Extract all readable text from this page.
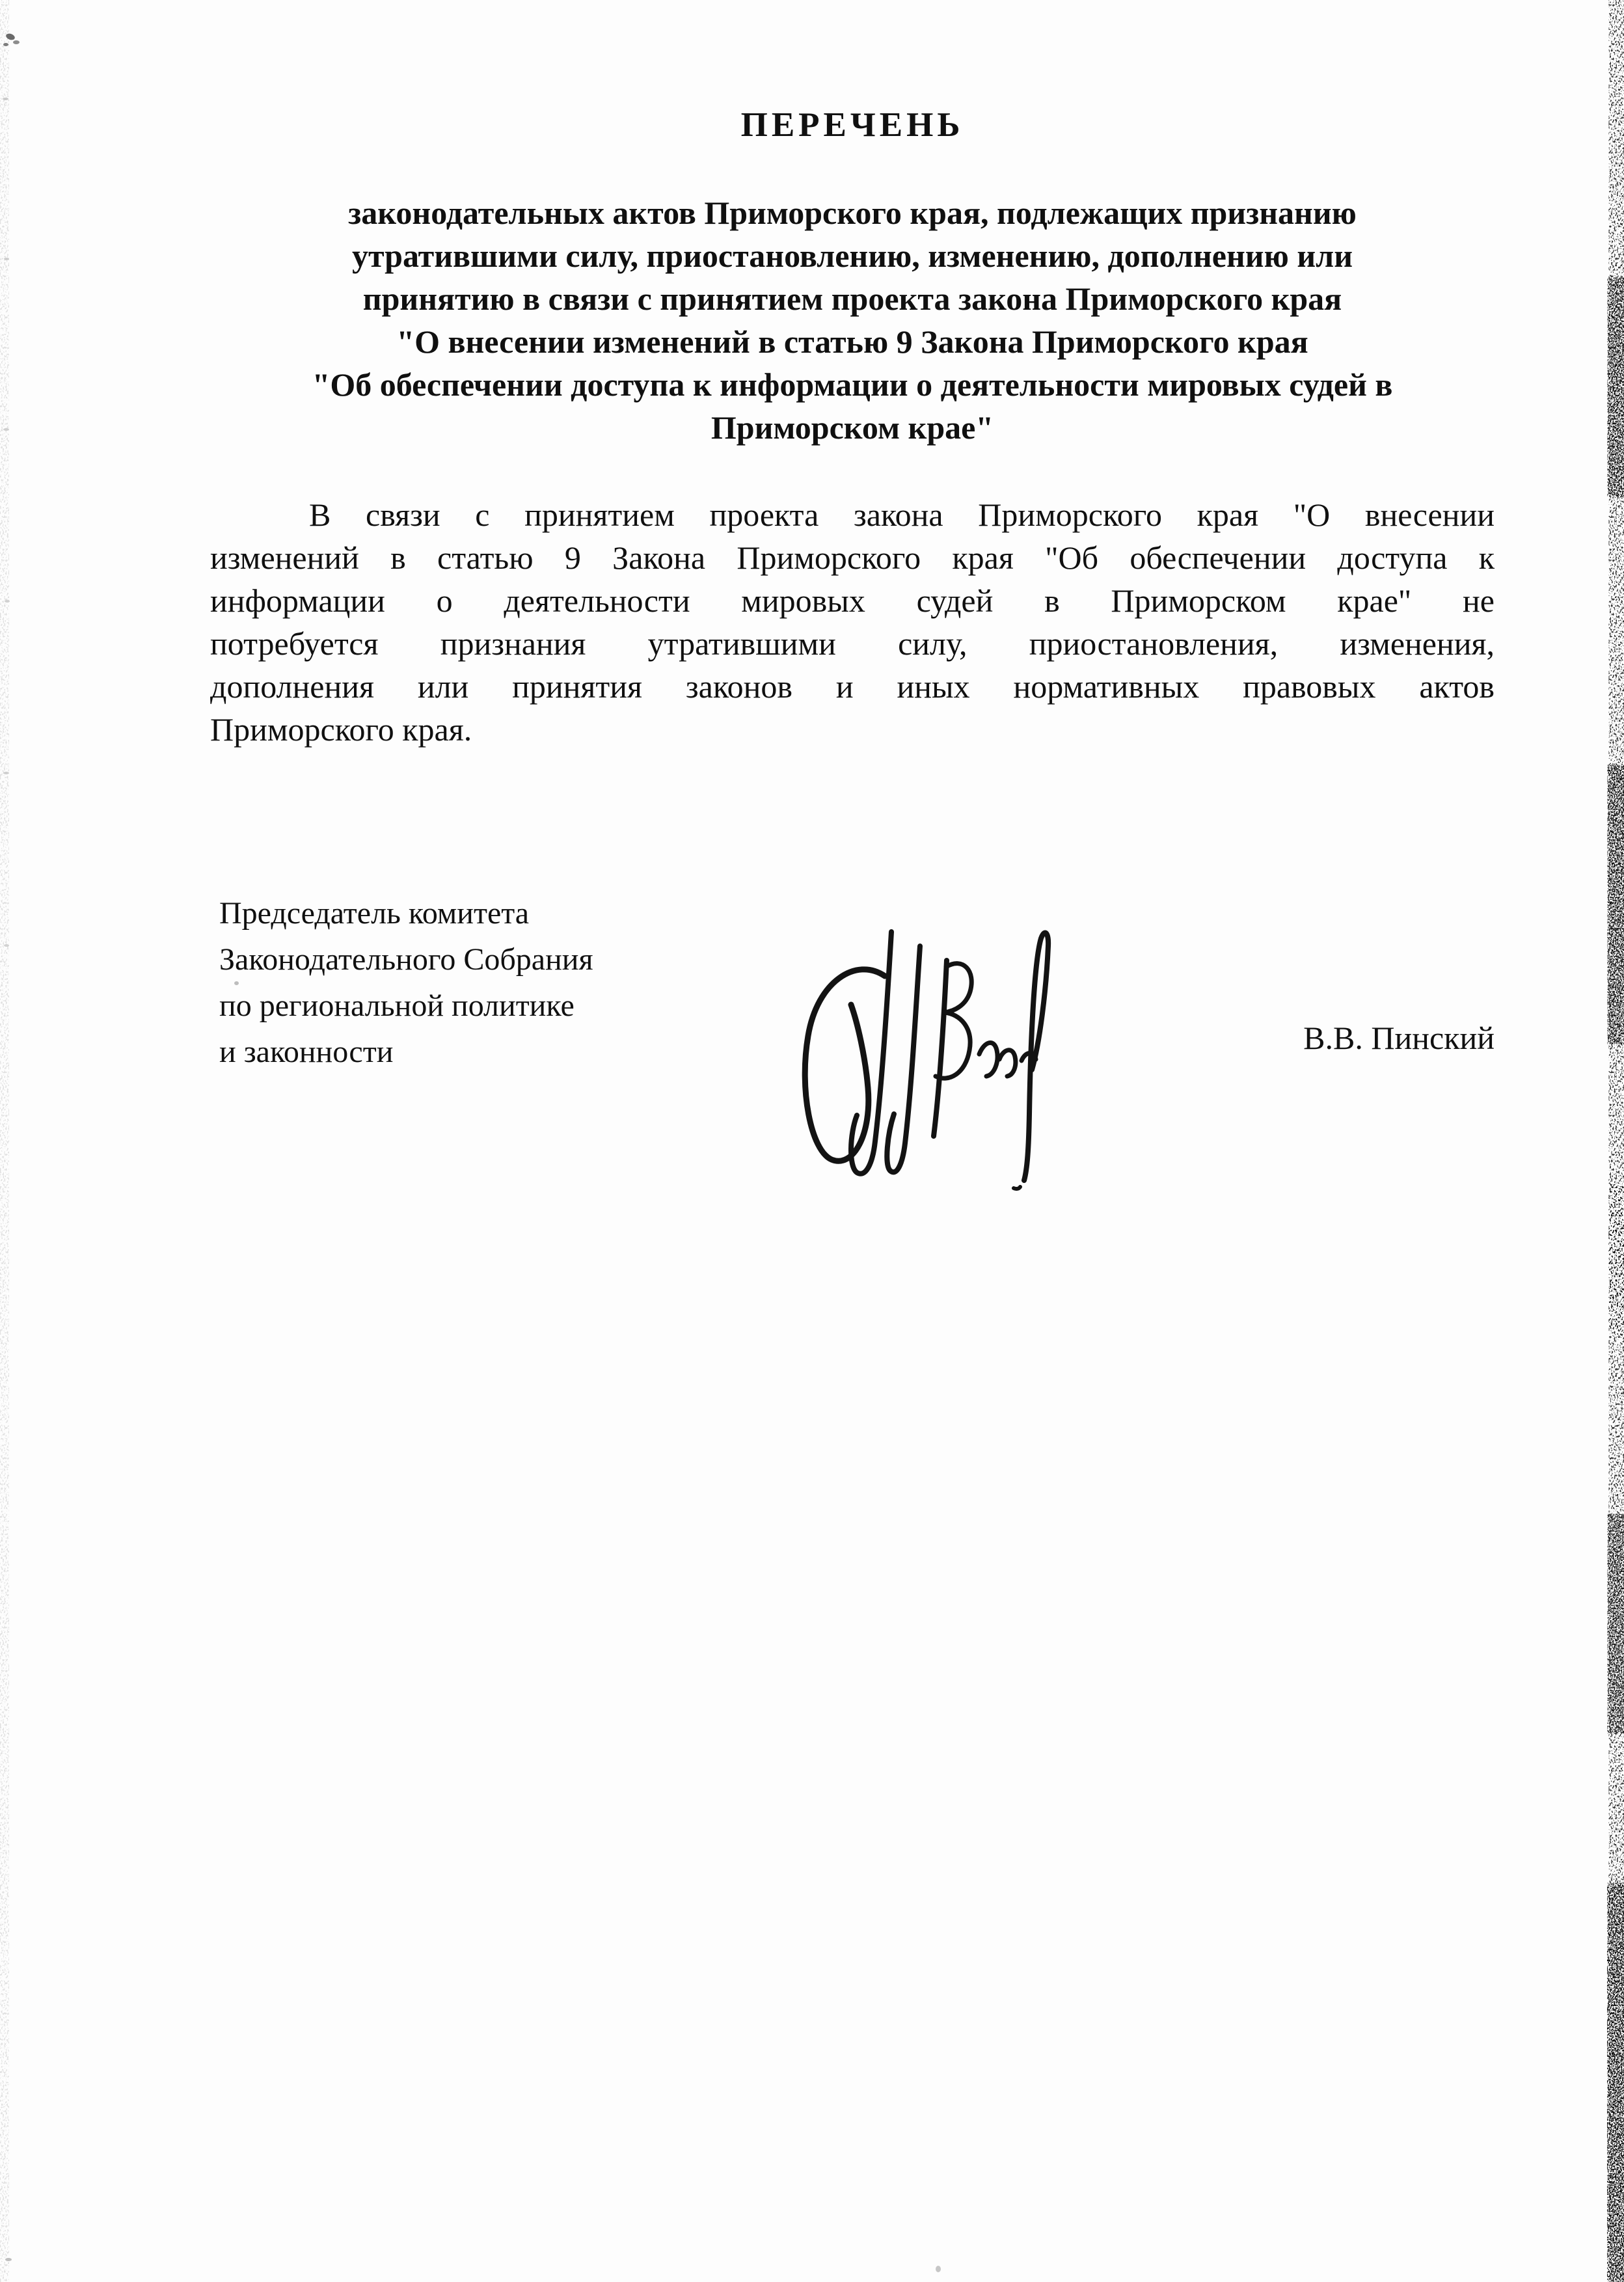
ПЕРЕЧЕНЬ
законодательных актов Приморского края, подлежащих признанию
утратившими силу, приостановлению, изменению, дополнению или
принятию в связи с принятием проекта закона Приморского края
"О внесении изменений в статью 9 Закона Приморского края
"Об обеспечении доступа к информации о деятельности мировых судей в
Приморском крае"
В связи с принятием проекта закона Приморского края "О внесении
изменений в статью 9 Закона Приморского края "Об обеспечении доступа к
информации о деятельности мировых судей в Приморском крае" не
потребуется признания утратившими силу, приостановления, изменения,
дополнения или принятия законов и иных нормативных правовых актов
Приморского края.
Председатель комитета
Законодательного Собрания
по региональной политике
и законности	В.В. Пинский
